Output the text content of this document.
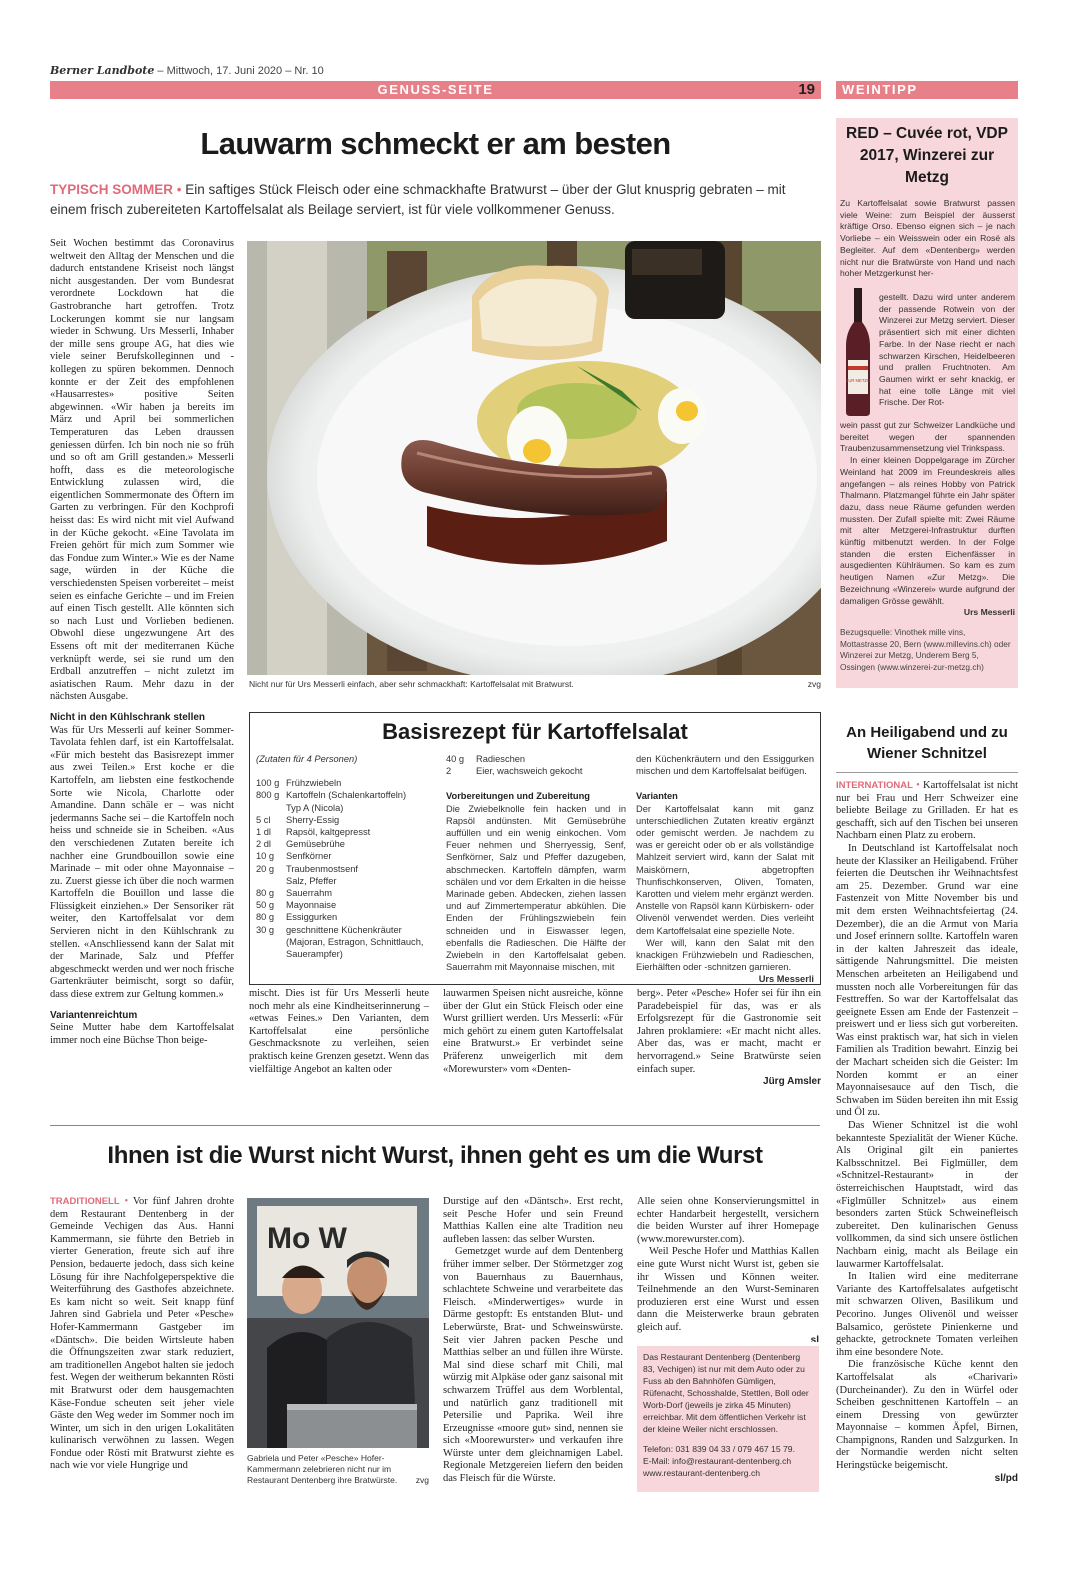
Berner Landbote – Mittwoch, 17. Juni 2020 – Nr. 10
GENUSS-SEITE	19 WEINTIPP
Lauwarm schmeckt er am besten
TYPISCH SOMMER • Ein saftiges Stück Fleisch oder eine schmackhafte Bratwurst – über der Glut knusprig gebraten – mit einem frisch zubereiteten Kartoffelsalat als Beilage serviert, ist für viele vollkommener Genuss.

Seit Wochen bestimmt das Coronavirus weltweit den Alltag der Menschen und die dadurch entstandene Kriseist noch längst nicht ausgestanden. Der vom Bundesrat verordnete Lockdown hat die Gastrobranche hart getroffen. Trotz Lockerungen kommt sie nur langsam wieder in Schwung. Urs Messerli, Inhaber der mille sens groupe AG, hat dies wie viele seiner Berufskolleginnen und -kollegen zu spüren bekommen. Dennoch konnte er der Zeit des empfohlenen «Hausarrestes» positive Seiten abgewinnen. «Wir haben ja bereits im März und April bei sommerlichen Temperaturen das Leben draussen geniessen dürfen. Ich bin noch nie so früh und so oft am Grill gestanden.» Messerli hofft, dass es die meteorologische Entwicklung zulassen wird, die eigentlichen Sommermonate des Öftern im Garten zu verbringen. Für den Kochprofi heisst das: Es wird nicht mit viel Aufwand in der Küche gekocht. «Eine Tavolata im Freien gehört für mich zum Sommer wie das Fondue zum Winter.» Wie es der Name sage, würden in der Küche die verschiedensten Speisen vorbereitet – meist seien es einfache Gerichte – und im Freien auf einen Tisch gestellt. Alle könnten sich so nach Lust und Vorlieben bedienen. Obwohl diese ungezwungene Art des Essens oft mit der mediterranen Küche verknüpft werde, sei sie rund um den Erdball anzutreffen – nicht zuletzt im asiatischen Raum. Mehr dazu in der nächsten Ausgabe.

Nicht in den Kühlschrank stellen

Was für Urs Messerli auf keiner Sommer-Tavolata fehlen darf, ist ein Kartoffelsalat. «Für mich besteht das Basisrezept immer aus zwei Teilen.» Erst koche er die Kartoffeln, am liebsten eine festkochende Sorte wie Nicola, Charlotte oder Amandine. Dann schäle er – was nicht jedermanns Sache sei – die Kartoffeln noch heiss und schneide sie in Scheiben. «Aus den verschiedenen Zutaten bereite ich nachher eine Grundbouillon sowie eine Marinade – mit oder ohne Mayonnaise – zu. Zuerst giesse ich über die noch warmen Kartoffeln die Bouillon und lasse die Flüssigkeit einziehen.» Der Sensoriker rät weiter, den Kartoffelsalat vor dem Servieren nicht in den Kühlschrank zu stellen. «Anschliessend kann der Salat mit der Marinade, Salz und Pfeffer abgeschmeckt werden und wer noch frische Gartenkräuter beimischt, sorgt so dafür, dass diese extrem zur Geltung kommen.»

Variantenreichtum

Seine Mutter habe dem Kartoffelsalat immer noch eine Büchse Thon beige-

Nicht nur für Urs Messerli einfach, aber sehr schmackhaft: Kartoffelsalat mit Bratwurst.	zvg
Basisrezept für Kartoffelsalat
(Zutaten für 4 Personen)
100 g Frühzwiebeln
800 g Kartoffeln (Schalenkartoffeln)
Typ A (Nicola)
5 cl	Sherry-Essig
1 dl	Rapsöl, kaltgepresst
2 dl	Gemüsebrühe
10 g	Senfkörner
20 g	Traubenmostsenf
Salz, Pfeffer
80 g	Sauerrahm
50 g	Mayonnaise
80 g	Essiggurken
30 g	geschnittene Küchenkräuter
(Majoran, Estragon, Schnittlauch,
Sauerampfer)
40 g	Radieschen
2	Eier, wachsweich gekocht
Vorbereitungen und Zubereitung
Die Zwiebelknolle fein hacken und in Rapsöl andünsten. Mit Gemüsebrühe auffüllen und ein wenig einkochen. Vom Feuer nehmen und Sherryessig, Senf, Senfkörner, Salz und Pfeffer dazugeben, abschmecken. Kartoffeln dämpfen, warm schälen und vor dem Erkalten in die heisse Marinade geben. Abdecken, ziehen lassen und auf Zimmertemperatur abkühlen. Die Enden der Frühlingszwiebeln fein schneiden und in Eiswasser legen, ebenfalls die Radieschen. Die Hälfte der Zwiebeln in den Kartoffelsalat geben. Sauerrahm mit Mayonnaise mischen, mit
den Küchenkräutern und den Essiggurken mischen und dem Kartoffelsalat beifügen.
Varianten
Der Kartoffelsalat kann mit ganz unterschiedlichen Zutaten kreativ ergänzt oder gemischt werden. Je nachdem zu was er gereicht oder ob er als vollständige Mahlzeit serviert wird, kann der Salat mit Maiskörnern, abgetropften Thunfischkonserven, Oliven, Tomaten, Karotten und vielem mehr ergänzt werden. Anstelle von Rapsöl kann Kürbiskern- oder Olivenöl verwendet werden. Dies verleiht dem Kartoffelsalat eine spezielle Note.
Wer will, kann den Salat mit den knackigen Frühzwiebeln und Radieschen, Eierhälften oder -schnitzen garnieren.
Urs Messerli
mischt. Dies ist für Urs Messerli heute noch mehr als eine Kindheitserinnerung – «etwas Feines.» Den Varianten, dem Kartoffelsalat eine persönliche Geschmacksnote zu verleihen, seien praktisch keine Grenzen gesetzt. Wenn das vielfältige Angebot an kalten oder
lauwarmen Speisen nicht ausreiche, könne über der Glut ein Stück Fleisch oder eine Wurst grilliert werden. Urs Messerli: «Für mich gehört zu einem guten Kartoffelsalat eine Bratwurst.» Er verbindet seine Präferenz unweigerlich mit dem «Morewurster» vom «Denten-

berg». Peter «Pesche» Hofer sei für ihn ein Paradebeispiel für das, was er als Erfolgsrezept für die Gastronomie seit Jahren proklamiere: «Er macht nicht alles. Aber das, was er macht, macht er hervorragend.» Seine Bratwürste seien einfach super.

Jürg Amsler

RED – Cuvée rot, VDP 2017, Winzerei zur Metzg
Zu Kartoffelsalat sowie Bratwurst passen viele Weine: zum Beispiel der äusserst kräftige Orso. Ebenso eignen sich – je nach Vorliebe – ein Weisswein oder ein Rosé als Begleiter. Auf dem «Dentenberg» werden nicht nur die Bratwürste von Hand und nach hoher Metzgerkunst her-
ZUR METZG
gestellt. Dazu wird unter anderem der passende Rotwein von der Winzerei zur Metzg serviert. Dieser präsentiert sich mit einer dichten Farbe. In der Nase riecht er nach schwarzen Kirschen, Heidelbeeren und prallen Fruchtnoten. Am Gaumen wirkt er sehr knackig, er hat eine tolle Länge mit viel Frische. Der Rot-

wein passt gut zur Schweizer Landküche und bereitet wegen der spannenden Traubenzusammensetzung viel Trinkspass.

In einer kleinen Doppelgarage im Zürcher Weinland hat 2009 im Freundeskreis alles angefangen – als reines Hobby von Patrick Thalmann. Platzmangel führte ein Jahr später dazu, dass neue Räume gefunden werden mussten. Der Zufall spielte mit: Zwei Räume mit alter Metzgerei-Infrastruktur durften künftig mitbenutzt werden. In der Folge standen die ersten Eichenfässer in ausgedienten Kühlräumen. So kam es zum heutigen Namen «Zur Metzg». Die Bezeichnung «Winzerei» wurde aufgrund der damaligen Grösse gewählt.

Urs Messerli

Bezugsquelle: Vinothek mille vins, Mottastrasse 20, Bern (www.millevins.ch) oder Winzerei zur Metzg, Underem Berg 5, Ossingen (www.winzerei-zur-metzg.ch)
An Heiligabend und zu Wiener Schnitzel

INTERNATIONAL • Kartoffelsalat ist nicht nur bei Frau und Herr Schweizer eine beliebte Beilage zu Grilladen. Er hat es geschafft, sich auf den Tischen bei unseren Nachbarn einen Platz zu erobern.

In Deutschland ist Kartoffelsalat noch heute der Klassiker an Heiligabend. Früher feierten die Deutschen ihr Weihnachtsfest am 25. Dezember. Grund war eine Fastenzeit von Mitte November bis und mit dem ersten Weihnachtsfeiertag (24. Dezember), die an die Armut von Maria und Josef erinnern sollte. Kartoffeln waren in der kalten Jahreszeit das ideale, sättigende Nahrungsmittel. Die meisten Menschen arbeiteten an Heiligabend und mussten noch alle Vorbereitungen für das Festtreffen. So war der Kartoffelsalat das geeignete Essen am Ende der Fastenzeit – preiswert und er liess sich gut vorbereiten. Was einst praktisch war, hat sich in vielen Familien als Tradition bewahrt. Einzig bei der Machart scheiden sich die Geister: Im Norden kommt er an einer Mayonnaisesauce auf den Tisch, die Schwaben im Süden bereiten ihn mit Essig und Öl zu.

Das Wiener Schnitzel ist die wohl bekannteste Spezialität der Wiener Küche. Als Original gilt ein paniertes Kalbsschnitzel. Bei Figlmüller, dem «Schnitzel-Restaurant» in der österreichischen Hauptstadt, wird das «Figlmüller Schnitzel» aus einem besonders zarten Stück Schweinefleisch zubereitet. Den kulinarischen Genuss vollkommen, da sind sich unsere östlichen Nachbarn einig, macht als Beilage ein lauwarmer Kartoffelsalat.

In Italien wird eine mediterrane Variante des Kartoffelsalates aufgetischt mit schwarzen Oliven, Basilikum und Pecorino. Junges Olivenöl und weisser Balsamico, geröstete Pinienkerne und gehackte, getrocknete Tomaten verleihen ihm eine besondere Note.

Die französische Küche kennt den Kartoffelsalat als «Charivari» (Durcheinander). Zu den in Würfel oder Scheiben geschnittenen Kartoffeln – an einem Dressing von gewürzter Mayonnaise – kommen Äpfel, Birnen, Champignons, Randen und Salzgurken. In der Normandie werden nicht selten Heringstücke beigemischt.

sl/pd

Ihnen ist die Wurst nicht Wurst, ihnen geht es um die Wurst

TRADITIONELL • Vor fünf Jahren drohte dem Restaurant Dentenberg in der Gemeinde Vechigen das Aus. Hanni Kammermann, sie führte den Betrieb in vierter Generation, freute sich auf ihre Pension, bedauerte jedoch, dass sich keine Lösung für ihre Nachfolgeperspektive die Weiterführung des Gasthofes abzeichnete. Es kam nicht so weit. Seit knapp fünf Jahren sind Gabriela und Peter «Pesche» Hofer-Kammermann Gastgeber im «Däntsch». Die beiden Wirtsleute haben die Öffnungszeiten zwar stark reduziert, am traditionellen Angebot halten sie jedoch fest. Wegen der weitherum bekannten Rösti mit Bratwurst oder dem hausgemachten Käse-Fondue scheuten seit jeher viele Gäste den Weg weder im Sommer noch im Winter, um sich in den urigen Lokalitäten kulinarisch verwöhnen zu lassen. Wegen Fondue oder Rösti mit Bratwurst ziehte es nach wie vor viele Hungrige und

Mo W
Gabriela und Peter «Pesche» Hofer-Kammermann zelebrieren nicht nur im Restaurant Dentenberg ihre Bratwürste. zvg

Durstige auf den «Däntsch». Erst recht, seit Pesche Hofer und sein Freund Matthias Kallen eine alte Tradition neu aufleben lassen: das selber Wursten.

Gemetzget wurde auf dem Dentenberg früher immer selber. Der Störmetzger zog von Bauernhaus zu Bauernhaus, schlachtete Schweine und verarbeitete das Fleisch. «Minderwertiges» wurde in Därme gestopft: Es entstanden Blut- und Leberwürste, Brat- und Schweinswürste. Seit vier Jahren packen Pesche und Matthias selber an und füllen ihre Würste. Mal sind diese scharf mit Chili, mal würzig mit Alpkäse oder ganz saisonal mit schwarzem Trüffel aus dem Worblental, und natürlich ganz traditionell mit Petersilie und Paprika. Weil ihre Erzeugnisse «moore gut» sind, nennen sie sich «Moorewurster» und verkaufen ihre Würste unter dem gleichnamigen Label. Regionale Metzgereien liefern den beiden das Fleisch für die Würste.

Alle seien ohne Konservierungsmittel in echter Handarbeit hergestellt, versichern die beiden Wurster auf ihrer Homepage (www.morewurster.com).

Weil Pesche Hofer und Matthias Kallen eine gute Wurst nicht Wurst ist, geben sie ihr Wissen und Können weiter. Teilnehmende an den Wurst-Seminaren produzieren erst eine Wurst und essen dann die Meisterwerke braun gebraten gleich auf.

sl

Das Restaurant Dentenberg (Dentenberg 83, Vechigen) ist nur mit dem Auto oder zu Fuss ab den Bahnhöfen Gümligen, Rüfenacht, Schosshalde, Stettlen, Boll oder Worb-Dorf (jeweils je zirka 45 Minuten) erreichbar. Mit dem öffentlichen Verkehr ist der kleine Weiler nicht erschlossen.

Telefon: 031 839 04 33 / 079 467 15 79.

E-Mail: info@restaurant-dentenberg.ch

www.restaurant-dentenberg.ch
